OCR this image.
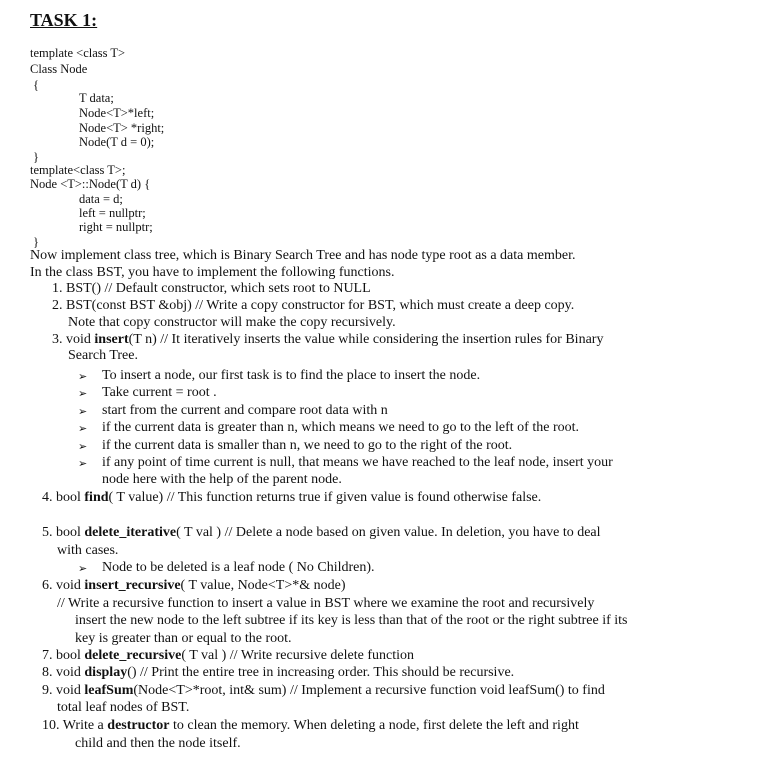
TASK 1:
template <class T>
Class Node
{
T data;
Node<T>*left;
Node<T> *right;
Node(T d = 0);
}
template<class T>;
Node <T>::Node(T d) {
data = d;
left = nullptr;
right = nullptr;
}
Now implement class tree, which is Binary Search Tree and has node type root as a data member.
In the class BST, you have to implement the following functions.
1. BST() // Default constructor, which sets root to NULL
2. BST(const BST &obj) // Write a copy constructor for BST, which must create a deep copy.
Note that copy constructor will make the copy recursively.
3. void insert(T n) // It iteratively inserts the value while considering the insertion rules for Binary
Search Tree.
➢ To insert a node, our first task is to find the place to insert the node.
➢ Take current = root .
➢ start from the current and compare root data with n
➢ if the current data is greater than n, which means we need to go to the left of the root.
➢ if the current data is smaller than n, we need to go to the right of the root.
➢ if any point of time current is null, that means we have reached to the leaf node, insert your
node here with the help of the parent node.
4. bool find( T value) // This function returns true if given value is found otherwise false.
5. bool delete_iterative( T val ) // Delete a node based on given value. In deletion, you have to deal
with cases.
➢ Node to be deleted is a leaf node ( No Children).
6. void insert_recursive( T value, Node<T>*& node)
// Write a recursive function to insert a value in BST where we examine the root and recursively
insert the new node to the left subtree if its key is less than that of the root or the right subtree if its
key is greater than or equal to the root.
7. bool delete_recursive( T val ) // Write recursive delete function
8. void display() // Print the entire tree in increasing order. This should be recursive.
9. void leafSum(Node<T>*root, int& sum) // Implement a recursive function void leafSum() to find
total leaf nodes of BST.
10. Write a destructor to clean the memory. When deleting a node, first delete the left and right
child and then the node itself.
